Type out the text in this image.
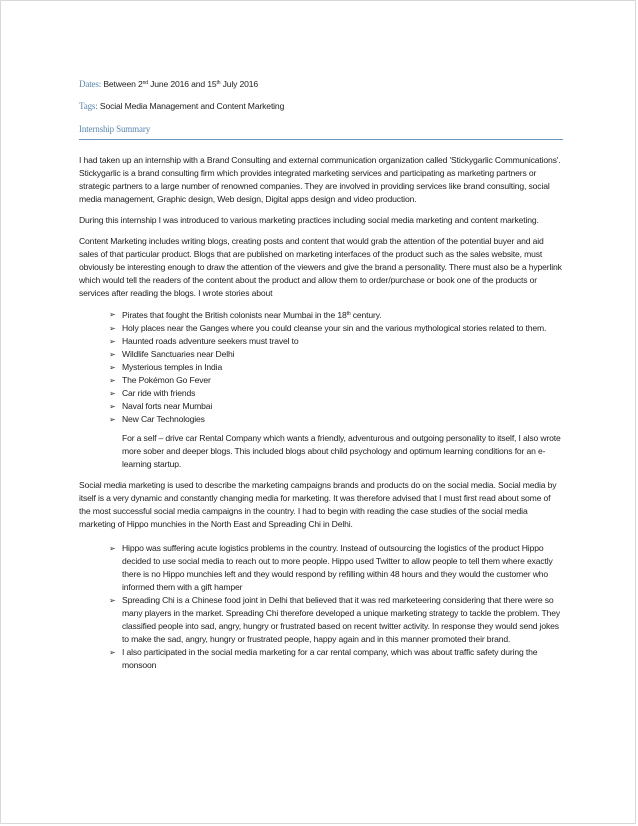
Dates: Between 2nd June 2016 and 15th July 2016
Tags: Social Media Management and Content Marketing
Internship Summary

I had taken up an internship with a Brand Consulting and external communication organization called 'Stickygarlic Communications'. Stickygarlic is a brand consulting firm which provides integrated marketing services and participating as marketing partners or strategic partners to a large number of renowned companies. They are involved in providing services like brand consulting, social media management, Graphic design, Web design, Digital apps design and video production.

During this internship I was introduced to various marketing practices including social media marketing and content marketing.

Content Marketing includes writing blogs, creating posts and content that would grab the attention of the potential buyer and aid sales of that particular product. Blogs that are published on marketing interfaces of the product such as the sales website, must obviously be interesting enough to draw the attention of the viewers and give the brand a personality. There must also be a hyperlink which would tell the readers of the content about the product and allow them to order/purchase or book one of the products or services after reading the blogs. I wrote stories about

➢ Pirates that fought the British colonists near Mumbai in the 18th century.
➢ Holy places near the Ganges where you could cleanse your sin and the various mythological stories related to them.
➢ Haunted roads adventure seekers must travel to
➢ Wildlife Sanctuaries near Delhi
➢ Mysterious temples in India
➢ The Pokémon Go Fever
➢ Car ride with friends
➢ Naval forts near Mumbai
➢ New Car Technologies

For a self – drive car Rental Company which wants a friendly, adventurous and outgoing personality to itself, I also wrote more sober and deeper blogs. This included blogs about child psychology and optimum learning conditions for an e-learning startup.

Social media marketing is used to describe the marketing campaigns brands and products do on the social media. Social media by itself is a very dynamic and constantly changing media for marketing. It was therefore advised that I must first read about some of the most successful social media campaigns in the country. I had to begin with reading the case studies of the social media marketing of Hippo munchies in the North East and Spreading Chi in Delhi.

➢ Hippo was suffering acute logistics problems in the country. Instead of outsourcing the logistics of the product Hippo decided to use social media to reach out to more people. Hippo used Twitter to allow people to tell them where exactly there is no Hippo munchies left and they would respond by refilling within 48 hours and they would the customer who informed them with a gift hamper
➢ Spreading Chi is a Chinese food joint in Delhi that believed that it was red marketeering considering that there were so many players in the market. Spreading Chi therefore developed a unique marketing strategy to tackle the problem. They classified people into sad, angry, hungry or frustrated based on recent twitter activity. In response they would send jokes to make the sad, angry, hungry or frustrated people, happy again and in this manner promoted their brand.
➢ I also participated in the social media marketing for a car rental company, which was about traffic safety during the monsoon
